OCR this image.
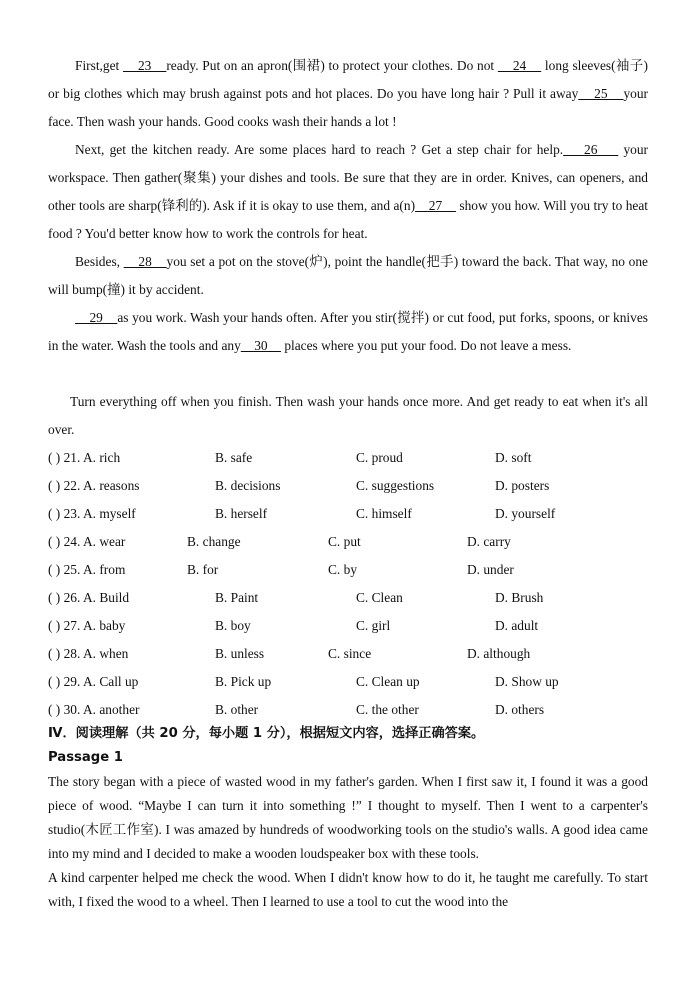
First,get     23    ready. Put on an apron(围裙) to protect your clothes. Do not     24     long sleeves(袖子) or big clothes which may brush against pots and hot places. Do you have long hair ? Pull it away    25    your face. Then wash your hands. Good cooks wash their hands a lot !

Next, get the kitchen ready. Are some places hard to reach ? Get a step chair for help.    26     your workspace. Then gather(聚集) your dishes and tools. Be sure that they are in order. Knives, can openers, and other tools are sharp(锋利的). Ask if it is okay to use them, and a(n)    27     show you how. Will you try to heat food ? You'd better know how to work the controls for heat.

Besides,     28    you set a pot on the stove(炉), point the handle(把手) toward the back. That way, no one will bump(撞) it by accident.

29    as you work. Wash your hands often. After you stir(搅拌) or cut food, put forks, spoons, or knives in the water. Wash the tools and any    30     places where you put your food. Do not leave a mess.

Turn everything off when you finish. Then wash your hands once more. And get ready to eat when it's all over.

( ) 21. A. rich	B. safe	C. proud	D. soft
( ) 22. A. reasons	B. decisions	C. suggestions	D. posters
( ) 23. A. myself	B. herself	C. himself	D. yourself
( ) 24. A. wear	B. change	C. put	D. carry
( ) 25. A. from	B. for	C. by	D. under
( ) 26. A. Build	B. Paint	C. Clean	D. Brush
( ) 27. A. baby	B. boy	C. girl	D. adult
( ) 28. A. when	B. unless	C. since	D. although
( ) 29. A. Call up	B. Pick up	C. Clean up	D. Show up
( ) 30. A. another	B. other	C. the other	D. others
Ⅳ．阅读理解（共 20 分，每小题 1 分），根据短文内容，选择正确答案。
Passage 1

The story began with a piece of wasted wood in my father's garden. When I first saw it, I found it was a good piece of wood. “Maybe I can turn it into something !” I thought to myself. Then I went to a carpenter's studio(木匠工作室). I was amazed by hundreds of woodworking tools on the studio's walls. A good idea came into my mind and I decided to make a wooden loudspeaker box with these tools.

A kind carpenter helped me check the wood. When I didn't know how to do it, he taught me carefully. To start with, I fixed the wood to a wheel. Then I learned to use a tool to cut the wood into the
